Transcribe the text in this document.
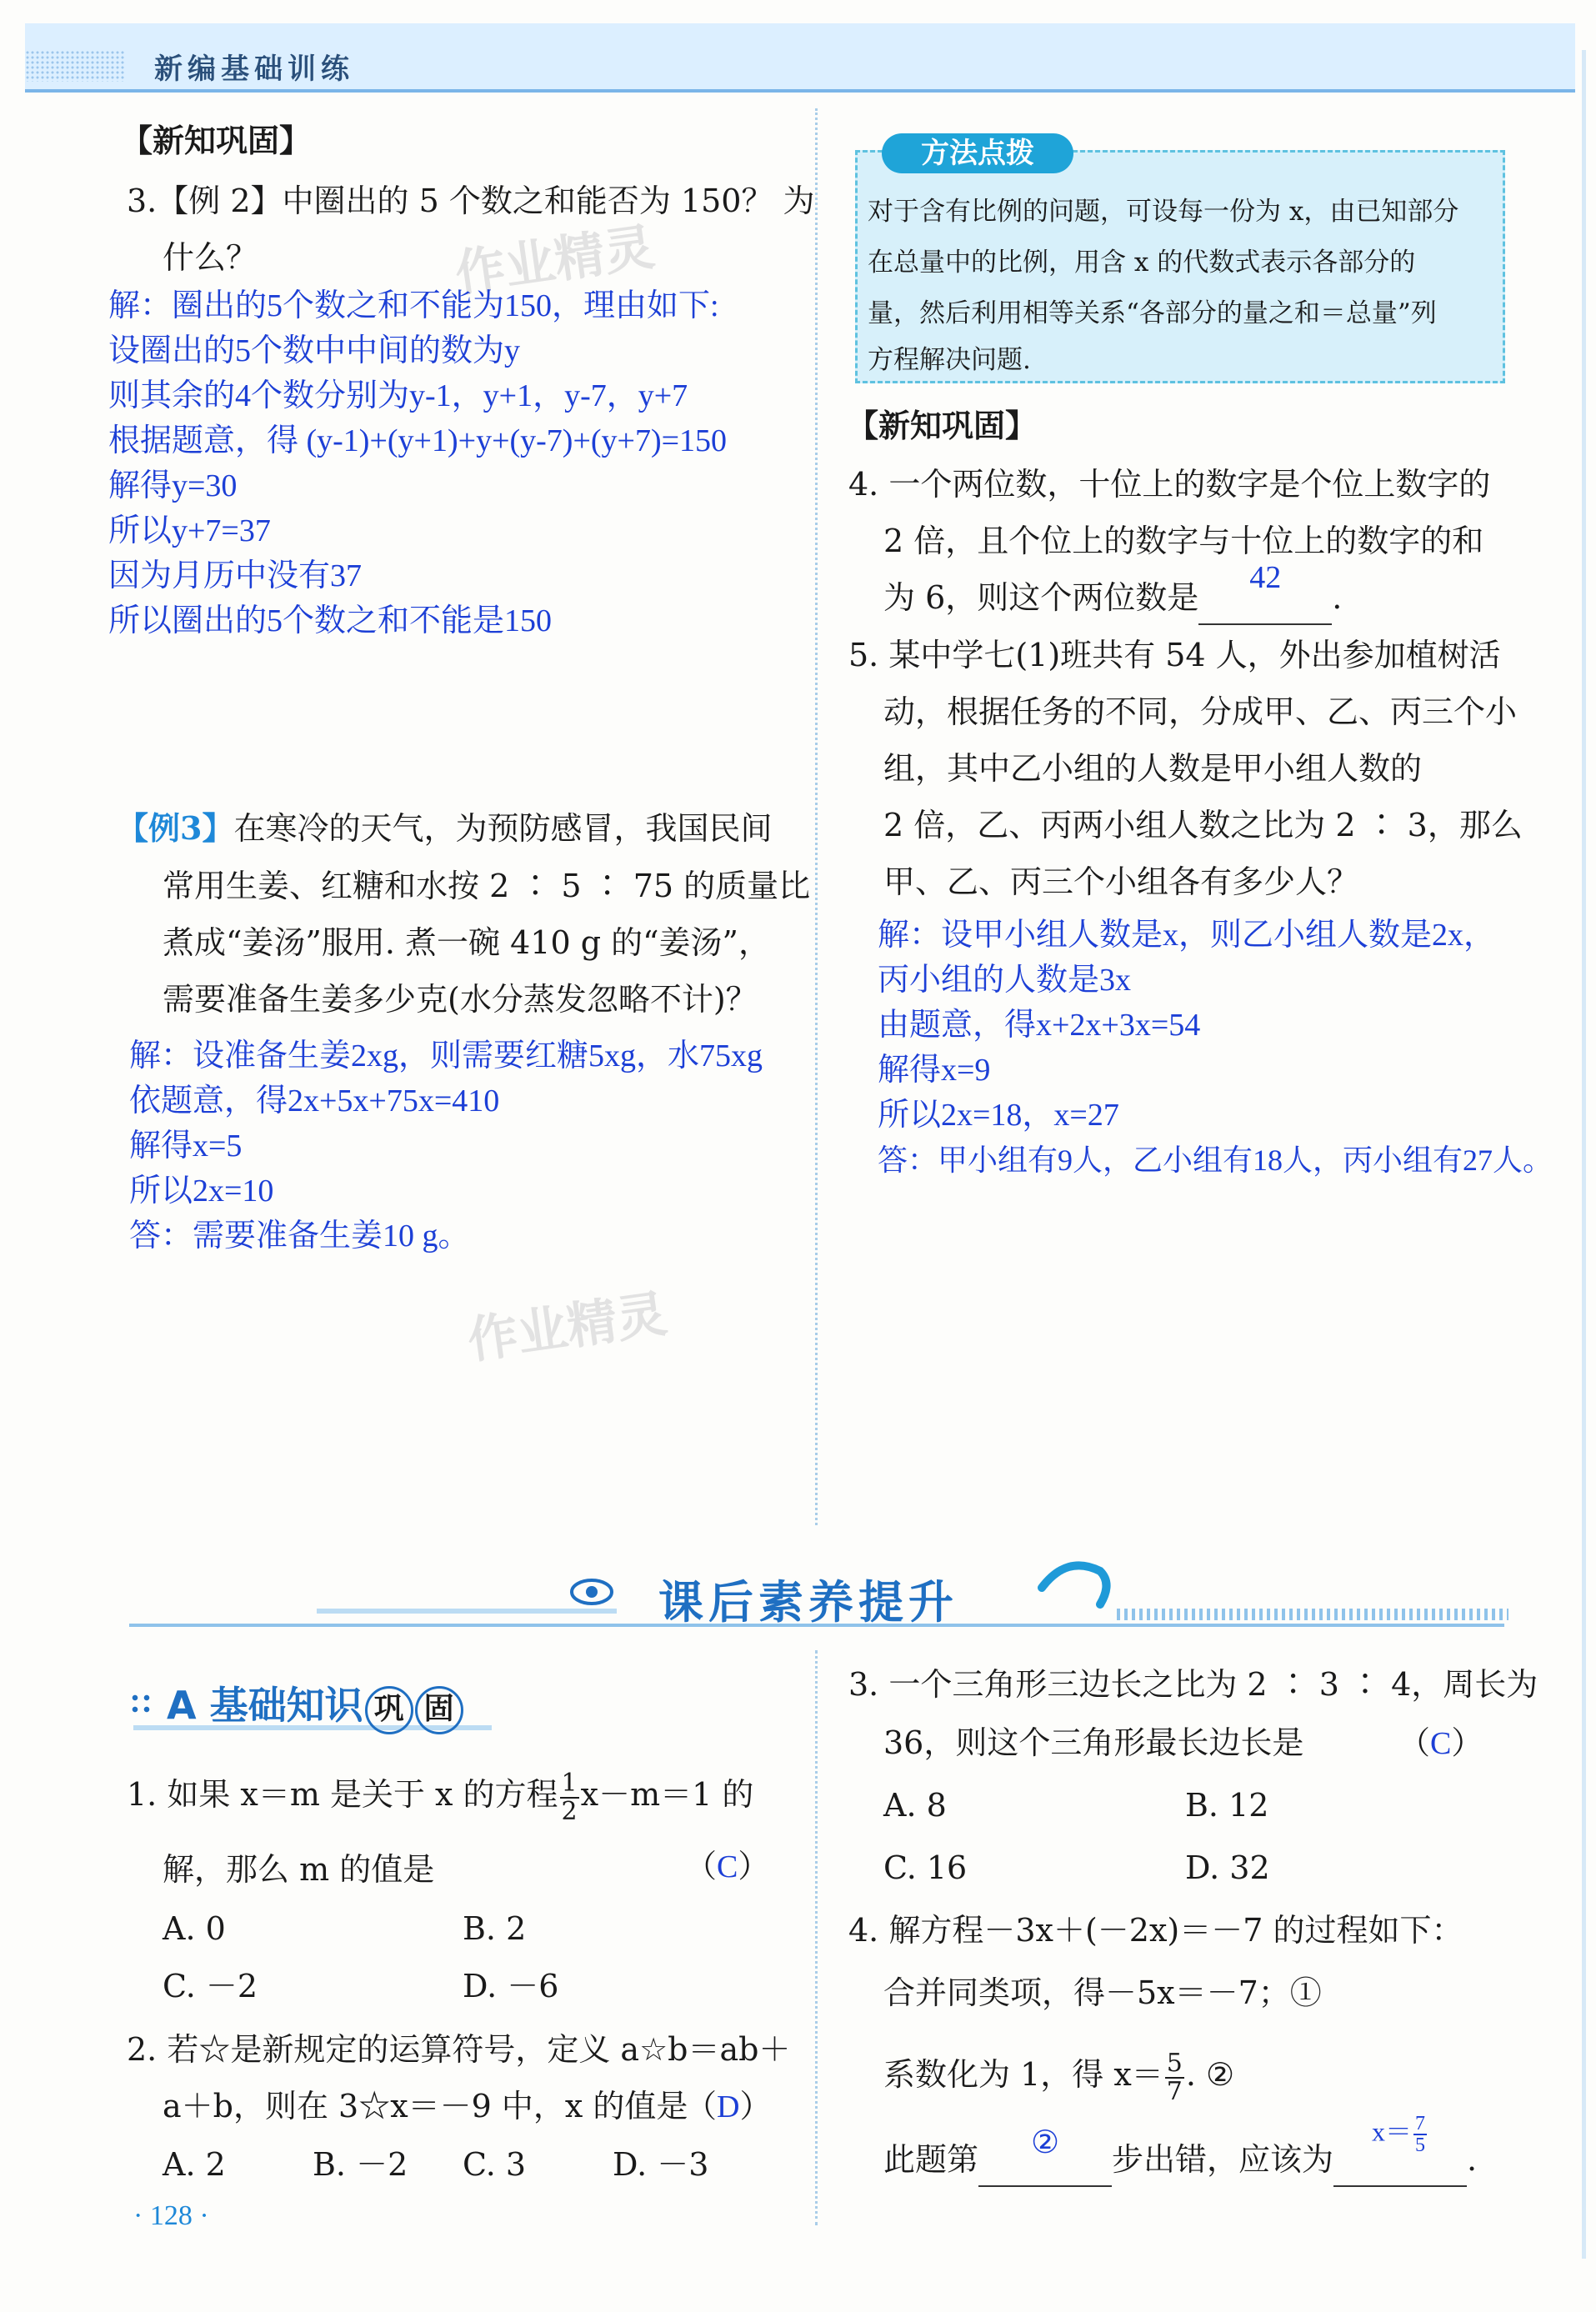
新编基础训练
作业精灵
作业精灵
【新知巩固】
3.【例 2】中圈出的 5 个数之和能否为 150？ 为
什么？
解：圈出的5个数之和不能为150，理由如下:
设圈出的5个数中中间的数为y
则其余的4个数分别为y-1，y+1，y-7，y+7
根据题意，得 (y-1)+(y+1)+y+(y-7)+(y+7)=150
解得y=30
所以y+7=37
因为月历中没有37
所以圈出的5个数之和不能是150
【例3】在寒冷的天气，为预防感冒，我国民间
常用生姜、红糖和水按 2 ∶ 5 ∶ 75 的质量比
煮成“姜汤”服用. 煮一碗 410 g 的“姜汤”，
需要准备生姜多少克(水分蒸发忽略不计)？
解：设准备生姜2xg，则需要红糖5xg，水75xg
依题意，得2x+5x+75x=410
解得x=5
所以2x=10
答：需要准备生姜10 g。
对于含有比例的问题，可设每一份为 x，由已知部分
在总量中的比例，用含 x 的代数式表示各部分的
量，然后利用相等关系“各部分的量之和＝总量”列
方程解决问题.
方法点拨
【新知巩固】
4. 一个两位数，十位上的数字是个位上数字的
2 倍，且个位上的数字与十位上的数字的和
为 6，则这个两位数是
42
.
5. 某中学七(1)班共有 54 人，外出参加植树活
动，根据任务的不同，分成甲、乙、丙三个小
组，其中乙小组的人数是甲小组人数的
2 倍，乙、丙两小组人数之比为 2 ∶ 3，那么
甲、乙、丙三个小组各有多少人？
解：设甲小组人数是x，则乙小组人数是2x，
丙小组的人数是3x
由题意，得x+2x+3x=54
解得x=9
所以2x=18，x=27
答：甲小组有9人，乙小组有18人，丙小组有27人。
课后素养提升
A 基础知识 巩 固
1. 如果 x＝m 是关于 x 的方程 $\frac{1}{2} x-m=1$ 的
解，那么 m 的值是	（C）
A. 0	B. 2
C. －2	D. －6
2. 若☆是新规定的运算符号，定义 a☆b＝ab＋
a＋b，则在 3☆x＝－9 中，x 的值是
（D）
A. 2	B. －2 C. 3	D. －3
3. 一个三角形三边长之比为 2 ∶ 3 ∶ 4，周长为
36，则这个三角形最长边长是	（C）
A. 8	B. 12
C. 16	D. 32
4. 解方程－3x＋(－2x)＝－7 的过程如下：
合并同类项，得－5x＝－7；①
系数化为 1，得 $x= \frac{5}{7}$ . ②
此题第	②	步出错，应该为
$x= \frac{7}{5}$
.
· 128 ·
